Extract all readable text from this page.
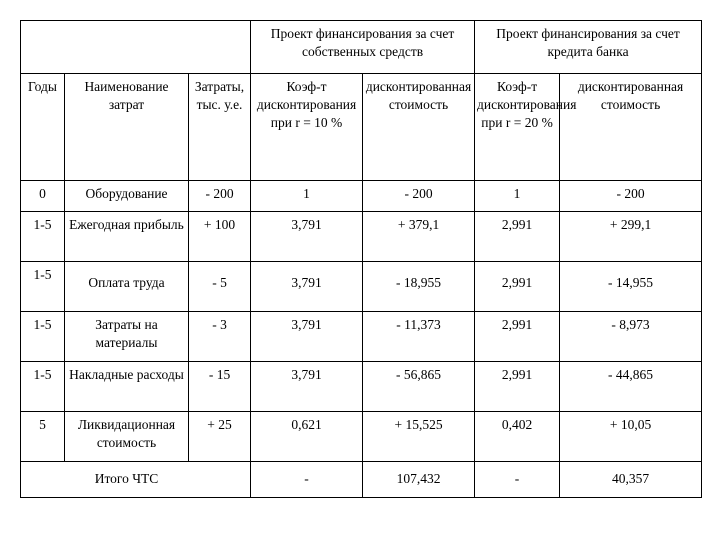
			Проект финансирования за счет собственных средств		Проект финансирования за счет кредита банка	
Годы	Наименование затрат	Затраты, тыс. у.е.	Коэф-т дисконтирования при r = 10 %	дисконтированная стоимость	Коэф-т дисконтирования при r = 20 %	дисконтированная стоимость
0	Оборудование	- 200	1	- 200	1	- 200
1-5	Ежегодная прибыль	+ 100	3,791	+ 379,1	2,991	+ 299,1
1-5	Оплата труда	- 5	3,791	- 18,955	2,991	- 14,955
1-5	Затраты на материалы	- 3	3,791	- 11,373	2,991	- 8,973
1-5	Накладные расходы	- 15	3,791	- 56,865	2,991	- 44,865
5	Ликвидационная стоимость	+ 25	0,621	+ 15,525	0,402	+ 10,05
	Итого ЧТС		-	107,432	-	40,357
